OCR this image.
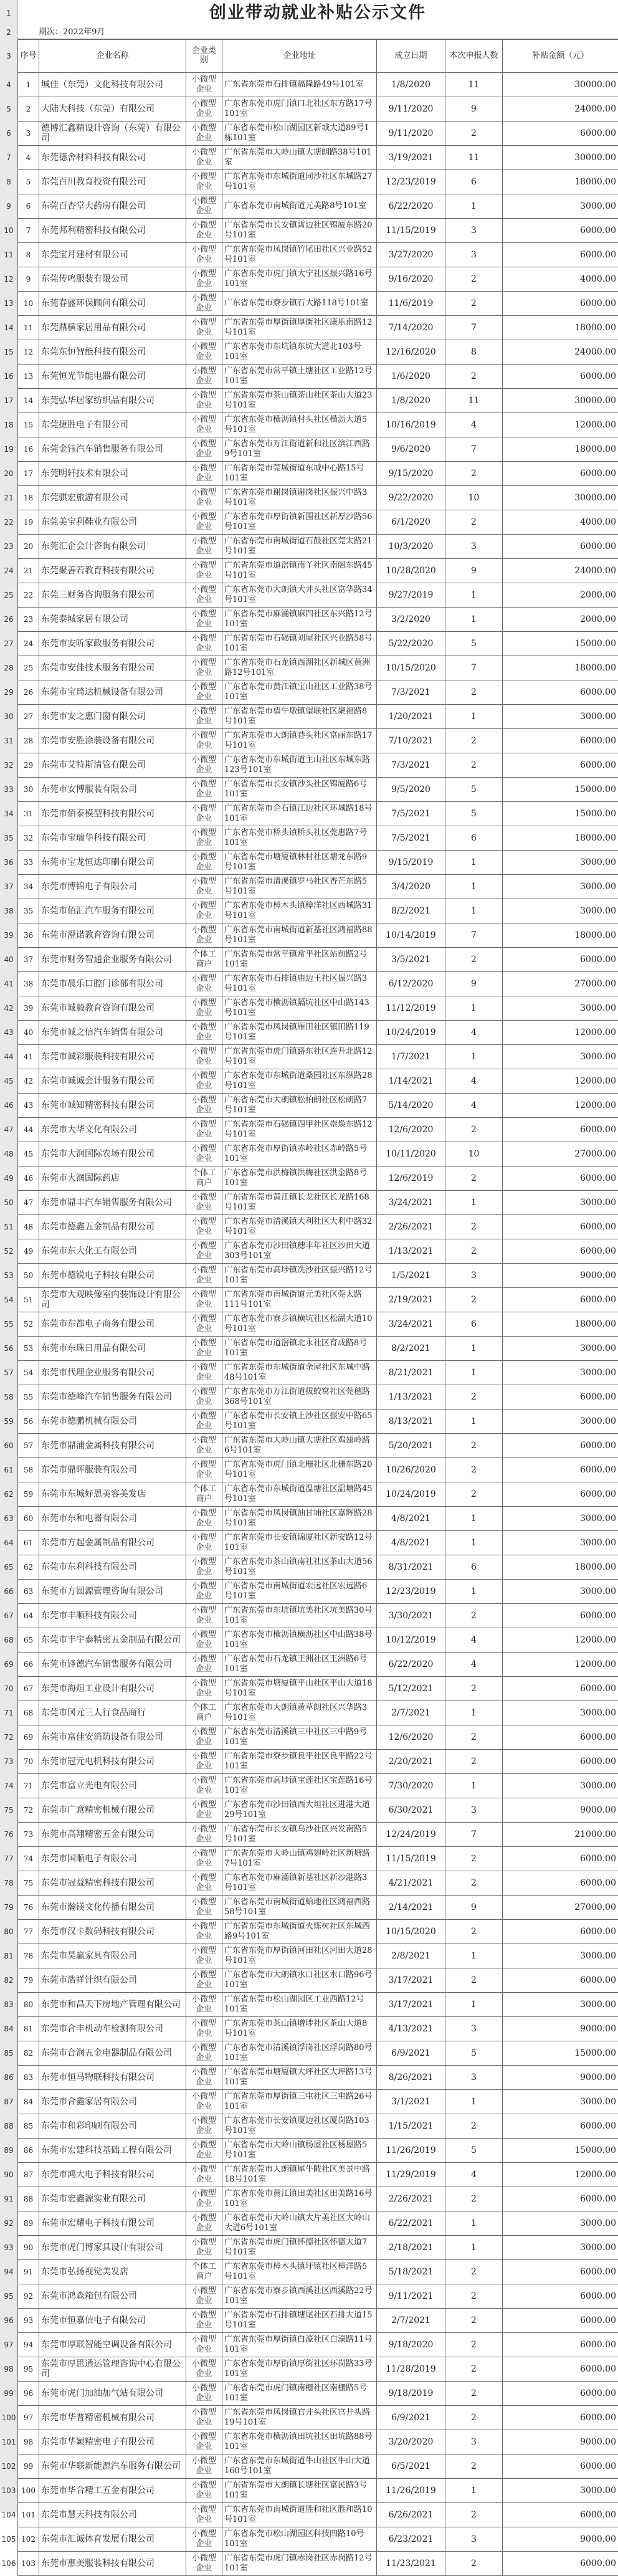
1
2
3
4
5
6
7
8
9
10
11
12
13
14
15
16
17
18
19
20
21
22
23
24
25
26
27
28
29
30
31
32
33
34
35
36
37
38
39
40
41
42
43
44
45
46
47
48
49
50
51
52
53
54
55
56
57
58
59
60
61
62
63
64
65
66
67
68
69
70
71
72
73
74
75
76
77
78
79
80
81
82
83
84
85
86
87
88
89
90
91
92
93
94
95
96
97
98
99
100
101
102
103
104
105
106
创业带动就业补贴公示文件
期次：2022年9月
序号	企业名称	企业类别	企业地址	成立日期	本次申报人数	补贴金额（元）
1	城佳（东莞）文化科技有限公司	小微型企业	广东省东莞市石排镇福隆路49号101室	1/8/2020	11	30000.00
2	大陆大科技（东莞）有限公司	小微型企业	广东省东莞市虎门镇口北社区东方路17号101室	9/11/2020	9	24000.00
3	德博汇鑫精设计咨询（东莞）有限公司	小微型企业	广东省东莞市松山湖园区新城大道89号1栋101室	9/11/2020	2	6000.00
4	东莞德舍材料科技有限公司	小微型企业	广东省东莞市大岭山镇大塘朗路38号101室	3/19/2021	11	30000.00
5	东莞百川教育投资有限公司	小微型企业	广东省东莞市东城街道同沙社区东城路27号101室	12/23/2019	6	18000.00
6	东莞百杏堂大药房有限公司	小微型企业	广东省东莞市南城街道元美路8号101室	6/22/2020	1	3000.00
7	东莞邦利精密科技有限公司	小微型企业	广东省东莞市长安镇霄边社区锦厦东路20号101室	11/15/2019	3	6000.00
8	东莞宝月建材有限公司	小微型企业	广东省东莞市凤岗镇竹尾田社区兴业路52号101室	3/27/2020	3	6000.00
9	东莞传鸣服装有限公司	小微型企业	广东省东莞市虎门镇大宁社区振兴路16号101室	9/16/2020	2	4000.00
10	东莞春盛环保顾问有限公司	小微型企业	广东省东莞市寮步镇石大路118号101室	11/6/2019	2	6000.00
11	东莞鼎横家居用品有限公司	小微型企业	广东省东莞市厚街镇厚街社区康乐南路12号101室	7/14/2020	7	18000.00
12	东莞东恒智能科技有限公司	小微型企业	广东省东莞市东坑镇东坑大道北103号101室	12/16/2020	8	24000.00
13	东莞恒光节能电器有限公司	小微型企业	广东省东莞市常平镇土塘社区工业路12号101室	1/6/2020	2	6000.00
14	东莞弘华居家纺织品有限公司	小微型企业	广东省东莞市茶山镇茶山社区茶山大道23号101室	1/8/2020	11	30000.00
15	东莞捷胜电子有限公司	小微型企业	广东省东莞市横沥镇村头社区横沥大道5号101室	10/16/2019	4	12000.00
16	东莞金钰汽车销售服务有限公司	小微型企业	广东省东莞市万江街道新和社区滨江西路9号101室	9/6/2020	7	18000.00
17	东莞明轩技术有限公司	小微型企业	广东省东莞市莞城街道东城中心路15号101室	9/15/2020	2	6000.00
18	东莞骐宏旅游有限公司	小微型企业	广东省东莞市谢岗镇谢岗社区振兴中路3号101室	9/22/2020	10	30000.00
19	东莞美宝利鞋业有限公司	小微型企业	广东省东莞市厚街镇新围社区新厚沙路56号101室	6/1/2020	2	4000.00
20	东莞汇企会计咨询有限公司	小微型企业	广东省东莞市南城街道石鼓社区莞太路21号101室	10/3/2020	3	6000.00
21	东莞聚善若教育科技有限公司	小微型企业	广东省东莞市道滘镇南丫社区南阁东路45号101室	10/28/2020	9	24000.00
22	东莞三财务咨询服务有限公司	小微型企业	广东省东莞市大朗镇大井头社区富华路34号101室	9/27/2019	1	2000.00
23	东莞泰城家居有限公司	小微型企业	广东省东莞市麻涌镇麻四社区东兴路12号101室	3/2/2020	1	2000.00
24	东莞市安昕家政服务有限公司	小微型企业	广东省东莞市石碣镇刘屋社区兴业路58号101室	5/22/2020	5	15000.00
25	东莞市安佳技术服务有限公司	小微型企业	广东省东莞市石龙镇西湖社区新城区黄洲路12号101室	10/15/2020	7	18000.00
26	东莞市宝琦达机械设备有限公司	小微型企业	广东省东莞市黄江镇宝山社区工业路38号101室	7/3/2021	2	6000.00
27	东莞市安之惠门窗有限公司	小微型企业	广东省东莞市望牛墩镇望联社区聚福路8号101室	1/20/2021	1	3000.00
28	东莞市安胜涂装设备有限公司	小微型企业	广东省东莞市大朗镇巷头社区富丽东路17号101室	7/10/2021	2	6000.00
29	东莞市艾特斯清管有限公司	小微型企业	广东省东莞市东城街道主山社区东城东路123号101室	7/3/2021	2	6000.00
30	东莞市安博服装有限公司	小微型企业	广东省东莞市长安镇沙头社区锦厦路6号101室	9/5/2020	5	15000.00
31	东莞市佰泰模型科技有限公司	小微型企业	广东省东莞市企石镇江边社区环城路18号101室	7/5/2021	5	15000.00
32	东莞市宝瑞华科技有限公司	小微型企业	广东省东莞市桥头镇桥头社区莞惠路7号101室	7/5/2021	6	18000.00
33	东莞市宝龙恒达印刷有限公司	小微型企业	广东省东莞市塘厦镇林村社区塘龙东路9号101室	9/15/2019	1	3000.00
34	东莞市博锦电子有限公司	小微型企业	广东省东莞市清溪镇罗马社区香芒东路5号101室	3/4/2020	1	3000.00
35	东莞市佰汇汽车服务有限公司	小微型企业	广东省东莞市樟木头镇樟洋社区西城路31号101室	8/2/2021	1	3000.00
36	东莞市澄诺教育咨询有限公司	小微型企业	广东省东莞市南城街道新基社区鸿福路88号101室	10/14/2019	7	18000.00
37	东莞市财务智通企业服务有限公司	个体工商户	广东省东莞市常平镇常平社区站前路2号101室	3/5/2021	2	6000.00
38	东莞市晨乐口腔门诊部有限公司	小微型企业	广东省东莞市石排镇庙边王社区振兴路3号101室	6/12/2020	9	27000.00
39	东莞市诚毅教育咨询有限公司	小微型企业	广东省东莞市横沥镇隔坑社区中山路143号101室	11/12/2019	1	3000.00
40	东莞市诚之信汽车销售有限公司	小微型企业	广东省东莞市凤岗镇雁田社区镇田路119号101室	10/24/2019	4	12000.00
41	东莞市诚彩服装科技有限公司	小微型企业	广东省东莞市虎门镇路东社区连升北路12号101室	1/7/2021	1	3000.00
42	东莞市诚诚会计服务有限公司	小微型企业	广东省东莞市东城街道桑园社区东纵路28号101室	1/14/2021	4	12000.00
43	东莞市诚知精密科技有限公司	小微型企业	广东省东莞市大朗镇松柏朗社区松朗路7号101室	5/14/2020	4	12000.00
44	东莞市大华文化有限公司	小微型企业	广东省东莞市石碣镇四甲社区崇焕东路12号101室	12/6/2020	2	6000.00
45	东莞市大润国际农场有限公司	小微型企业	广东省东莞市厚街镇赤岭社区赤岭路5号101室	10/11/2020	10	27000.00
46	东莞市大润国际药店	个体工商户	广东省东莞市洪梅镇洪梅社区洪金路8号101室	12/6/2019	2	6000.00
47	东莞市鼎丰汽车销售服务有限公司	小微型企业	广东省东莞市黄江镇长龙社区长龙路168号101室	3/24/2021	1	3000.00
48	东莞市德鑫五金制品有限公司	小微型企业	广东省东莞市清溪镇大利社区大利中路32号101室	2/26/2021	2	6000.00
49	东莞市东大化工有限公司	小微型企业	广东省东莞市沙田镇穗丰年社区沙田大道303号101室	1/13/2021	2	6000.00
50	东莞市德锐电子科技有限公司	小微型企业	广东省东莞市高埗镇冼沙社区振兴路12号101室	1/5/2021	3	9000.00
51	东莞市大观映像室内装饰设计有限公司	小微型企业	广东省东莞市南城街道元美社区莞太路111号101室	2/19/2021	2	6000.00
52	东莞市东都电子商务有限公司	小微型企业	广东省东莞市寮步镇横坑社区松湖大道10号101室	3/24/2021	6	18000.00
53	东莞市东珠日用品有限公司	小微型企业	广东省东莞市道滘镇北永社区育成路8号101室	8/2/2021	1	3000.00
54	东莞市代理企业服务有限公司	小微型企业	广东省东莞市东城街道余屋社区东城中路48号101室	8/21/2021	1	3000.00
55	东莞市德峰汽车销售服务有限公司	小微型企业	广东省东莞市万江街道拔蛟窝社区莞穗路368号101室	1/13/2021	2	6000.00
56	东莞市德鹏机械有限公司	小微型企业	广东省东莞市长安镇上沙社区振安中路65号101室	8/13/2021	1	3000.00
57	东莞市鼎浦金属科技有限公司	小微型企业	广东省东莞市大岭山镇大塘社区鸡翅岭路6号101室	5/20/2021	2	6000.00
58	东莞市鼎晖服装有限公司	小微型企业	广东省东莞市虎门镇北栅社区北栅东路20号101室	10/26/2020	2	6000.00
59	东莞市东城好恩美容美发店	个体工商户	广东省东莞市东城街道温塘社区温塘路45号101室	10/24/2019	2	6000.00
60	东莞市东和电器有限公司	小微型企业	广东省东莞市凤岗镇油甘埔社区嘉辉路28号101室	4/8/2021	1	3000.00
61	东莞市方起金属制品有限公司	小微型企业	广东省东莞市长安镇锦厦社区新安路12号101室	4/8/2021	1	3000.00
62	东莞市东利科技有限公司	小微型企业	广东省东莞市茶山镇南社社区茶山大道56号101室	8/31/2021	6	18000.00
63	东莞市方圆源管理咨询有限公司	小微型企业	广东省东莞市南城街道宏远社区宏远路6号101室	12/23/2019	1	3000.00
64	东莞市丰顺科技有限公司	小微型企业	广东省东莞市东坑镇坑美社区坑美路30号101室	3/30/2021	2	6000.00
65	东莞市丰宇泰精密五金制品有限公司	小微型企业	广东省东莞市横沥镇横沥社区中山路38号101室	10/12/2019	4	12000.00
66	东莞市锋德汽车销售服务有限公司	小微型企业	广东省东莞市石龙镇王洲社区王洲路6号101室	6/22/2020	4	12000.00
67	东莞市海烜工业设计有限公司	小微型企业	广东省东莞市塘厦镇平山社区平山大道18号101室	5/12/2021	2	6000.00
68	东莞市冈元三人行食品商行	个体工商户	广东省东莞市大朗镇黄草朗社区兴华路3号101室	2/7/2021	1	3000.00
69	东莞市富佳安消防设备有限公司	小微型企业	广东省东莞市清溪镇三中社区三中路9号101室	12/6/2020	2	6000.00
70	东莞市冠元电机科技有限公司	小微型企业	广东省东莞市寮步镇良平社区良平路22号101室	2/20/2021	2	6000.00
71	东莞市富立光电有限公司	小微型企业	广东省东莞市高埗镇宝莲社区宝莲路16号101室	7/30/2020	1	3000.00
72	东莞市广意精密机械有限公司	小微型企业	广东省东莞市沙田镇西大坦社区进港大道29号101室	6/30/2021	3	9000.00
73	东莞市高翔精密五金有限公司	小微型企业	广东省东莞市长安镇乌沙社区兴发南路5号101室	12/24/2019	7	21000.00
74	东莞市国顺电子有限公司	小微型企业	广东省东莞市大岭山镇鸡翅岭社区新塘路7号101室	11/15/2019	2	6000.00
75	东莞市冠益精密科技有限公司	小微型企业	广东省东莞市麻涌镇新基社区新沙港路3号101室	4/21/2021	2	6000.00
76	东莞市瀚镁文化传播有限公司	小微型企业	广东省东莞市南城街道蛤地社区鸿福西路58号101室	2/14/2021	9	27000.00
77	东莞市汉卡数码科技有限公司	小微型企业	广东省东莞市东城街道火炼树社区东城西路9号101室	10/15/2020	2	6000.00
78	东莞市昊赢家具有限公司	小微型企业	广东省东莞市厚街镇河田社区河田大道28号101室	2/8/2021	1	3000.00
79	东莞市浩祥针织有限公司	小微型企业	广东省东莞市大朗镇水口社区水口路96号101室	3/17/2021	2	6000.00
80	东莞市和昌天下房地产管理有限公司	小微型企业	广东省东莞市松山湖园区工业西路12号101室	3/17/2021	1	3000.00
81	东莞市合丰机动车检测有限公司	小微型企业	广东省东莞市茶山镇增埗社区茶山大道8号101室	4/13/2021	3	9000.00
82	东莞市合润五金电器制品有限公司	小微型企业	广东省东莞市清溪镇浮岗社区浮岗路80号101室	6/9/2021	5	15000.00
83	东莞市恒马物联科技有限公司	小微型企业	广东省东莞市塘厦镇大坪社区大坪路13号101室	8/26/2021	3	9000.00
84	东莞市合鑫家居有限公司	小微型企业	广东省东莞市厚街镇三屯社区三屯路26号101室	3/1/2021	1	3000.00
85	东莞市和彩印刷有限公司	小微型企业	广东省东莞市长安镇厦边社区厦岗路103号101室	1/15/2021	2	6000.00
86	东莞市宏建科技基础工程有限公司	小微型企业	广东省东莞市大岭山镇杨屋社区杨屋路5号101室	11/26/2019	5	15000.00
87	东莞市鸿大电子科技有限公司	小微型企业	广东省东莞市大朗镇犀牛陂社区美景中路18号101室	11/29/2019	4	12000.00
88	东莞市宏鑫源实业有限公司	小微型企业	广东省东莞市黄江镇田美社区田美路16号101室	2/26/2021	2	6000.00
89	东莞市宏耀电子科技有限公司	小微型企业	广东省东莞市大岭山镇大片美社区大岭山大道6号101室	6/22/2021	1	3000.00
90	东莞市虎门博家具设计有限公司	小微型企业	广东省东莞市虎门镇怀德社区怀德大道7号101室	2/18/2021	1	3000.00
91	东莞市弘扬视觉美发店	个体工商户	广东省东莞市樟木头镇圩镇社区樟洋路5号101室	5/18/2021	2	6000.00
92	东莞市鸿森箱包有限公司	小微型企业	广东省东莞市寮步镇西溪社区西溪路22号101室	9/11/2021	2	6000.00
93	东莞市恒嘉信电子有限公司	小微型企业	广东省东莞市石排镇塘尾社区石排大道15号101室	2/7/2021	2	6000.00
94	东莞市厚联智能空调设备有限公司	小微型企业	广东省东莞市厚街镇白濠社区白濠路11号101室	9/18/2020	2	6000.00
95	东莞市厚思通运管理咨询中心有限公司	小微型企业	广东省东莞市厚街镇厚街社区环岗路33号101室	11/28/2019	2	6000.00
96	东莞市虎门加油加气站有限公司	小微型企业	广东省东莞市虎门镇南栅社区南栅路5号101室	9/18/2019	2	6000.00
97	东莞市华普精密机械有限公司	小微型企业	广东省东莞市凤岗镇官井头社区官井头路19号101室	6/9/2021	2	6000.00
98	东莞市华颖精密电子有限公司	小微型企业	广东省东莞市横沥镇田坑社区田坑路88号101室	3/20/2020	3	9000.00
99	东莞市华联新能源汽车服务有限公司	小微型企业	广东省东莞市东城街道牛山社区牛山大道160号101室	6/5/2021	2	6000.00
100	东莞市华合精工五金有限公司	小微型企业	广东省东莞市大朗镇长塘社区富民路3号101室	11/26/2019	1	3000.00
101	东莞市慧天科技有限公司	小微型企业	广东省东莞市南城街道胜和社区胜和路10号101室	6/26/2021	2	6000.00
102	东莞市汇诚体育发展有限公司	小微型企业	广东省东莞市松山湖园区科技四路10号101室	6/23/2021	3	9000.00
103	东莞市惠美服装科技有限公司	小微型企业	广东省东莞市虎门镇赤岗社区赤岗路12号101室	11/23/2021	2	6000.00
